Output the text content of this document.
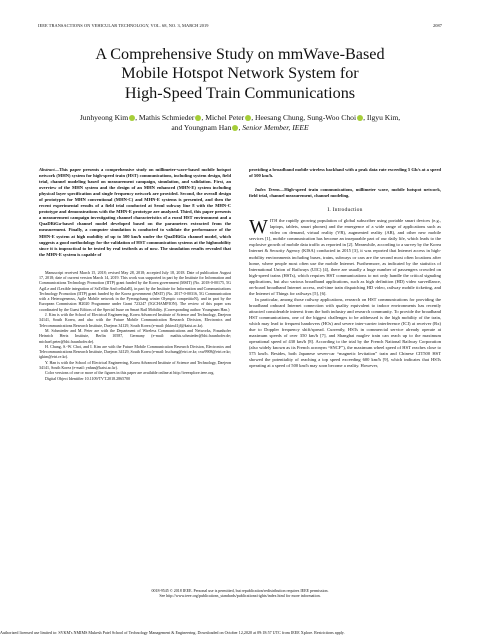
IEEE TRANSACTIONS ON VEHICULAR TECHNOLOGY, VOL. 68, NO. 3, MARCH 2019	2087
A Comprehensive Study on mmWave-Based
Mobile Hotspot Network System for
High-Speed Train Communications
Junhyeong Kim , Mathis Schmieder , Michel Peter , Heesang Chung, Sung-Woo Choi , Ilgyu Kim,
and Youngnam Han , Senior Member, IEEE

Abstract—This paper presents a comprehensive study on millimeter-wave-based mobile hotspot network (MHN) system for high-speed train (HST) communications, including system design, field trial, channel modeling based on measurement campaign, simulation, and validation. First, an overview of the MHN system and the design of an MHN enhanced (MHN-E) system including physical layer specification and single frequency network are provided. Second, the overall design of prototypes for MHN conventional (MHN-C) and MHN-E systems is presented, and then the recent experimental results of a field trial conducted at Seoul subway line 8 with the MHN-C prototype and demonstrations with the MHN-E prototype are analyzed. Third, this paper presents a measurement campaign investigating channel characteristics of a rural HST environment and a QuaDRiGa-based channel model developed based on the parameters extracted from the measurement. Finally, a computer simulation is conducted to validate the performance of the MHN-E system at high mobility of up to 500 km/h under the QuaDRiGa channel model, which suggests a good methodology for the validation of HST communication systems at the highmobility since it is impractical to be tested by real testbeds as of now. The simulation results revealed that the MHN-E system is capable of

Manuscript received March 15, 2018; revised May 28, 2018; accepted July 18, 2018. Date of publication August 17, 2018; date of current version March 14, 2019. This work was supported in part by the Institute for Information and Communications Technology Promotion (IITP) grant funded by the Korea government (MSIT) (No. 2018-0-00175, 5G AgiLe and fLexible integration of SaTellite And cellulaR), in part by the Institute for Information and Communications Technology Promotion (IITP) grant funded by the Korea government (MSIT) (No. 2017-0-00316, 5G Communication with a Heterogeneous, Agile Mobile network in the Pyeongchang winter Olympic competitioN), and in part by the European Commission H2020 Programme under Grant 723247 (5GCHAMPION). The review of this paper was coordinated by the Guest Editors of the Special Issue on Smart Rail Mobility. (Corresponding author: Youngnam Han.)

J. Kim is with the School of Electrical Engineering, Korea Advanced Institute of Science and Technology, Daejeon 34141, South Korea, and also with the Future Mobile Communication Research Division, Electronics and Telecommunications Research Institute, Daejeon 34129, South Korea (e-mail: jhkim41jf@kaist.ac.kr).

M. Schmieder and M. Peter are with the Department of Wireless Communications and Networks, Fraunhofer Heinrich Hertz Institute, Berlin 10587, Germany (e-mail: mathis.schmieder@hhi.fraunhofer.de; michael.peter@hhi.fraunhofer.de).

H. Chung, S.-W. Choi, and I. Kim are with the Future Mobile Communication Research Division, Electronics and Telecommunications Research Institute, Daejeon 34129, South Korea (e-mail: hschung@etri.re.kr; csw9908@etri.re.kr; igkim@etri.re.kr).

Y. Han is with the School of Electrical Engineering, Korea Advanced Institute of Science and Technology, Daejeon 34141, South Korea (e-mail: ynhan@kaist.ac.kr).

Color versions of one or more of the figures in this paper are available online at http://ieeexplore.ieee.org.

Digital Object Identifier 10.1109/TVT.2018.2865700

providing a broadband mobile wireless backhaul with a peak data rate exceeding 5 Gb/s at a speed of 500 km/h.

Index Terms—High-speed train communications, millimeter wave, mobile hotspot network, field trial, channel measurement, channel modeling.

I. Introduction

WITH the rapidly growing population of global subscriber using portable smart devices (e.g., laptops, tablets, smart phones) and the emergence of a wide range of applications such as video on demand, virtual reality (VR), augmented reality (AR), and other new mobile services [1], mobile communication has become an inseparable part of our daily life, which leads to the explosive growth of mobile data traffic as reported in [2]. Meanwhile, according to a survey by the Korea Internet & Security Agency (KISA) conducted in 2015 [3], it was reported that Internet access in high-mobility environments including buses, trains, subways or cars are the second most often locations after home, where people most often use the mobile Internet. Furthermore, as indicated by the statistics of International Union of Railways (UIC) [4], there are usually a huge number of passengers crowded on high-speed trains (HSTs), which requires HST communications to not only handle the critical signaling applications, but also various broadband applications, such as high definition (HD) video surveillance, on-board broadband Internet access, real-time train dispatching HD video, railway mobile ticketing, and the Internet of Things for railways [5], [6].

In particular, among those railway applications, research on HST communications for providing the broadband onboard Internet connection with quality equivalent to indoor environments has recently attracted considerable interest from the both industry and research community. To provide the broadband HST communications, one of the biggest challenges to be addressed is the high mobility of the train, which may lead to frequent handovers (HOs) and severe inter-carrier interference (ICI) at receiver (Rx) due to Doppler frequency shift/spread. Currently, HSTs in commercial service already operate at maximum speeds of over 350 km/h [7], and Shanghai maglev train can reach up to the maximum operational speed of 430 km/h [8]. According to the trial by the French National Railway Corporation (also widely known as its French acronym “SNCF”), the maximum wheel speed of HST reaches close to 575 km/h. Besides, both Japanese seven-car “magnetic levitation” train and Chinese CIT500 HST showed the potentiality of reaching a top speed exceeding 600 km/h [9], which indicates that HSTs operating at a speed of 500 km/h may soon become a reality. However,

0018-9545 © 2018 IEEE. Personal use is permitted, but republication/redistribution requires IEEE permission.
See http://www.ieee.org/publications_standards/publications/rights/index.html for more information.
Authorized licensed use limited to: SVKM's NMIMS Mukesh Patel School of Technology Management & Engineering. Downloaded on October 12,2020 at 09:18:57 UTC from IEEE Xplore. Restrictions apply.
